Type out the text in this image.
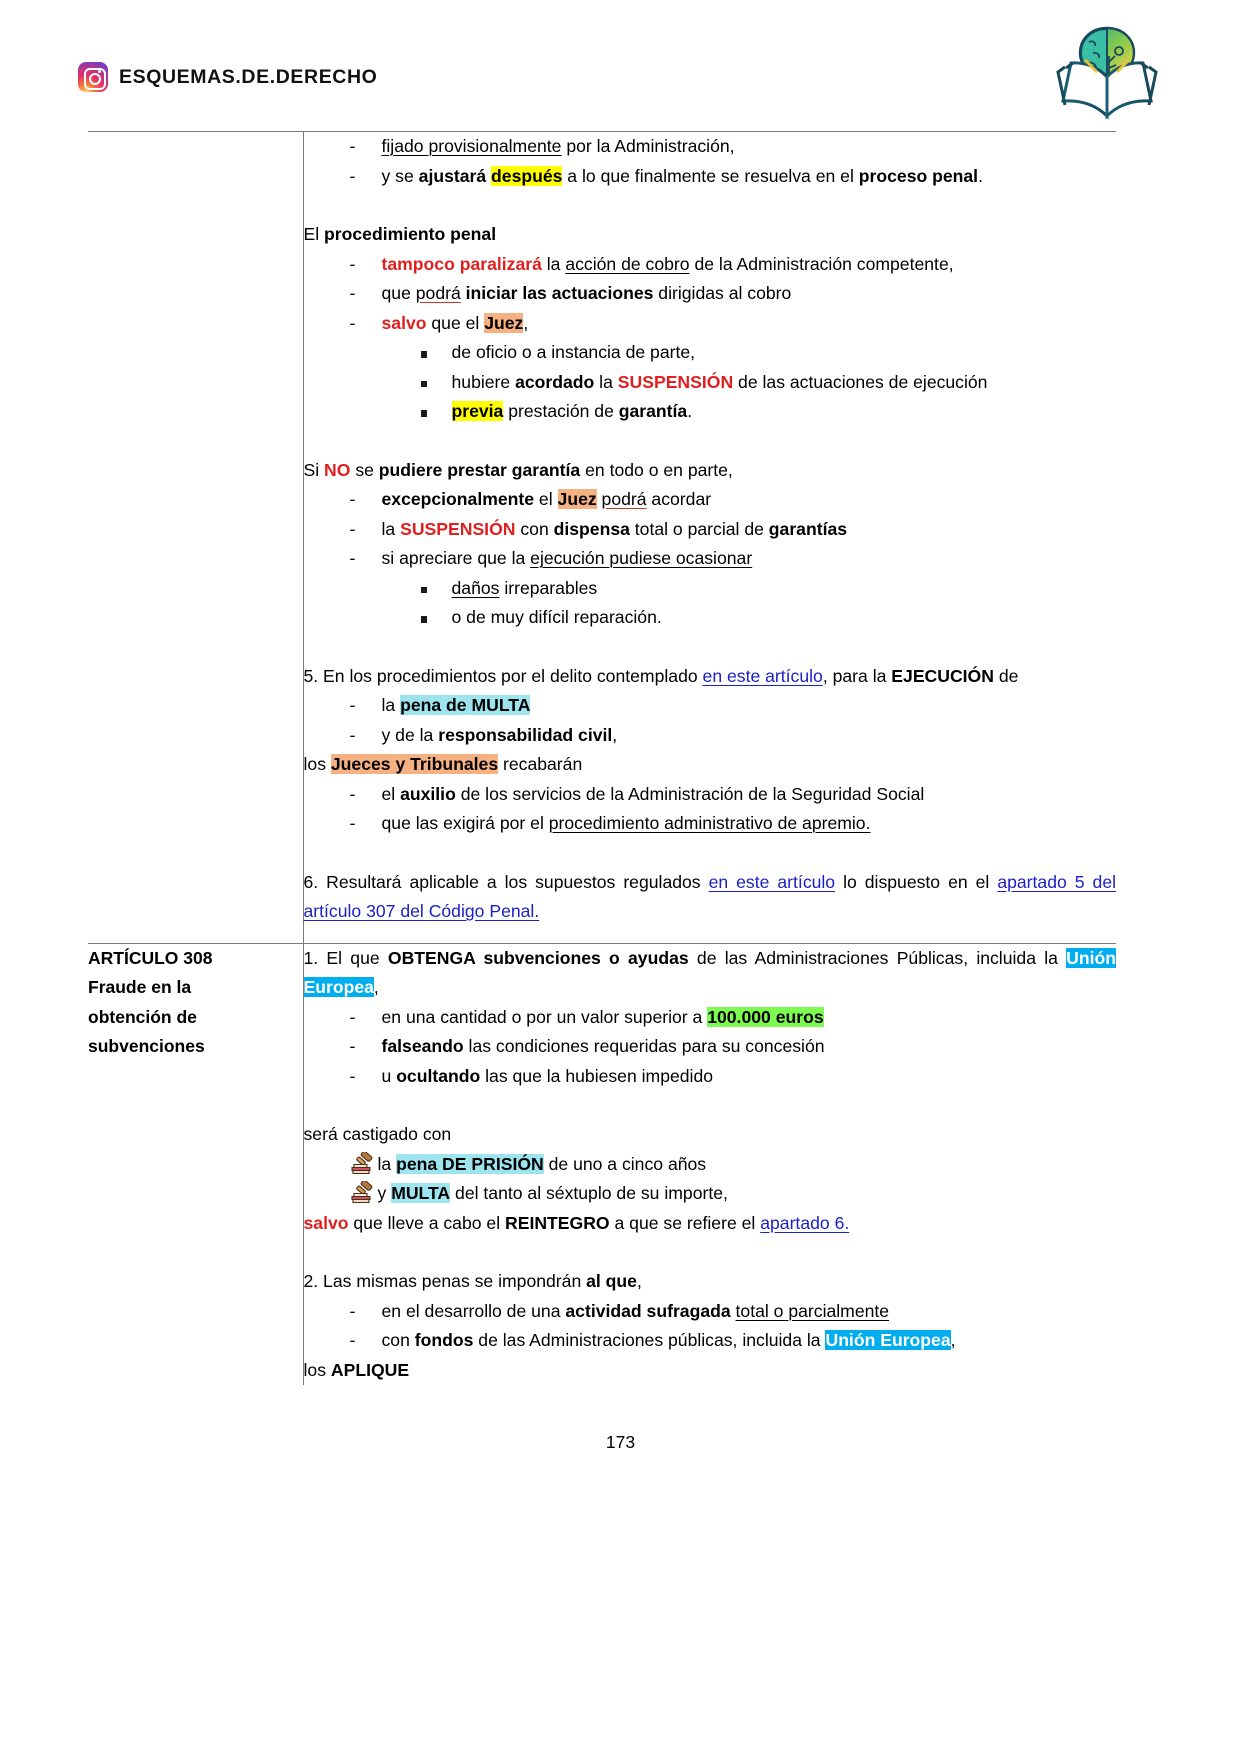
ESQUEMAS.DE.DERECHO

- fijado provisionalmente por la Administración,
- y se ajustará después a lo que finalmente se resuelva en el proceso penal.

El procedimiento penal

- tampoco paralizará la acción de cobro de la Administración competente,
- que podrá iniciar las actuaciones dirigidas al cobro
- salvo que el Juez,
de oficio o a instancia de parte,
hubiere acordado la SUSPENSIÓN de las actuaciones de ejecución
previa prestación de garantía.

Si NO se pudiere prestar garantía en todo o en parte,

- excepcionalmente el Juez podrá acordar
- la SUSPENSIÓN con dispensa total o parcial de garantías
- si apreciare que la ejecución pudiese ocasionar
daños irreparables
o de muy difícil reparación.

5. En los procedimientos por el delito contemplado en este artículo, para la EJECUCIÓN de

- la pena de MULTA
- y de la responsabilidad civil,

los Jueces y Tribunales recabarán

- el auxilio de los servicios de la Administración de la Seguridad Social
- que las exigirá por el procedimiento administrativo de apremio.

6. Resultará aplicable a los supuestos regulados en este artículo lo dispuesto en el apartado 5 del artículo 307 del Código Penal.

ARTÍCULO 308
Fraude en la
obtención de
subvenciones

1. El que OBTENGA subvenciones o ayudas de las Administraciones Públicas, incluida la Unión Europea,

- en una cantidad o por un valor superior a 100.000 euros
- falseando las condiciones requeridas para su concesión
- u ocultando las que la hubiesen impedido

será castigado con

la pena DE PRISIÓN de uno a cinco años

y MULTA del tanto al séxtuplo de su importe,

salvo que lleve a cabo el REINTEGRO a que se refiere el apartado 6.

2. Las mismas penas se impondrán al que,

- en el desarrollo de una actividad sufragada total o parcialmente
- con fondos de las Administraciones públicas, incluida la Unión Europea,

los APLIQUE

173
